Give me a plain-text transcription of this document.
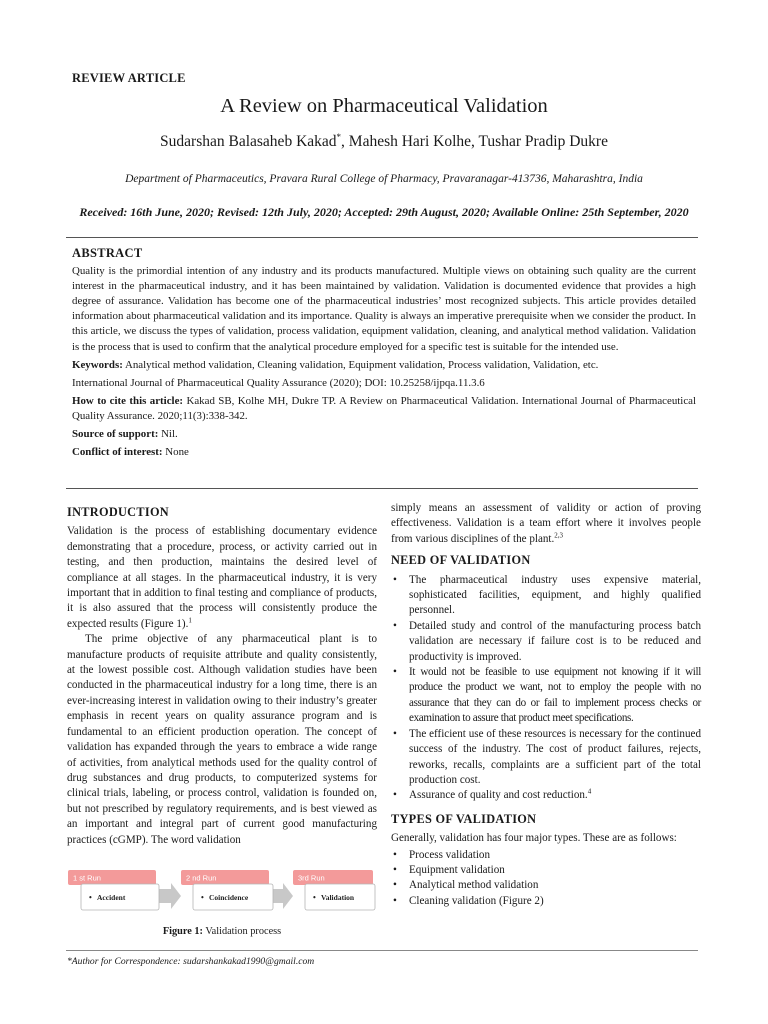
REVIEW ARTICLE
A Review on Pharmaceutical Validation
Sudarshan Balasaheb Kakad*, Mahesh Hari Kolhe, Tushar Pradip Dukre
Department of Pharmaceutics, Pravara Rural College of Pharmacy, Pravaranagar-413736, Maharashtra, India
Received: 16th June, 2020; Revised: 12th July, 2020; Accepted: 29th August, 2020; Available Online: 25th September, 2020
ABSTRACT

Quality is the primordial intention of any industry and its products manufactured. Multiple views on obtaining such quality are the current interest in the pharmaceutical industry, and it has been maintained by validation. Validation is documented evidence that provides a high degree of assurance. Validation has become one of the pharmaceutical industries’ most recognized subjects. This article provides detailed information about pharmaceutical validation and its importance. Quality is always an imperative prerequisite when we consider the product. In this article, we discuss the types of validation, process validation, equipment validation, cleaning, and analytical method validation. Validation is the process that is used to confirm that the analytical procedure employed for a specific test is suitable for the intended use.

Keywords: Analytical method validation, Cleaning validation, Equipment validation, Process validation, Validation, etc.

International Journal of Pharmaceutical Quality Assurance (2020); DOI: 10.25258/ijpqa.11.3.6

How to cite this article: Kakad SB, Kolhe MH, Dukre TP. A Review on Pharmaceutical Validation. International Journal of Pharmaceutical Quality Assurance. 2020;11(3):338-342.

Source of support: Nil.

Conflict of interest: None

INTRODUCTION

Validation is the process of establishing documentary evidence demonstrating that a procedure, process, or activity carried out in testing, and then production, maintains the desired level of compliance at all stages. In the pharmaceutical industry, it is very important that in addition to final testing and compliance of products, it is also assured that the process will consistently produce the expected results (Figure 1).$^1$

The prime objective of any pharmaceutical plant is to manufacture products of requisite attribute and quality consistently, at the lowest possible cost. Although validation studies have been conducted in the pharmaceutical industry for a long time, there is an ever-increasing interest in validation owing to their industry’s greater emphasis in recent years on quality assurance program and is fundamental to an efficient production operation. The concept of validation has expanded through the years to embrace a wide range of activities, from analytical methods used for the quality control of drug substances and drug products, to computerized systems for clinical trials, labeling, or process control, validation is founded on, but not prescribed by regulatory requirements, and is best viewed as an important and integral part of current good manufacturing practices (cGMP). The word validation

1 st Run
• Accident
2 nd Run
• Coincidence
3rd Run
• Validation
Figure 1: Validation process

simply means an assessment of validity or action of proving effectiveness. Validation is a team effort where it involves people from various disciplines of the plant.$^{2,3}$

NEED OF VALIDATION
• The pharmaceutical industry uses expensive material, sophisticated facilities, equipment, and highly qualified personnel.
• Detailed study and control of the manufacturing process batch validation are necessary if failure cost is to be reduced and productivity is improved.
• It would not be feasible to use equipment not knowing if it will produce the product we want, not to employ the people with no assurance that they can do or fail to implement process checks or examination to assure that product meet specifications.
• The efficient use of these resources is necessary for the continued success of the industry. The cost of product failures, rejects, reworks, recalls, complaints are a sufficient part of the total production cost.
• Assurance of quality and cost reduction.$^4$
TYPES OF VALIDATION

Generally, validation has four major types. These are as follows:

• Process validation
• Equipment validation
• Analytical method validation
• Cleaning validation (Figure 2)
*Author for Correspondence: sudarshankakad1990@gmail.com
